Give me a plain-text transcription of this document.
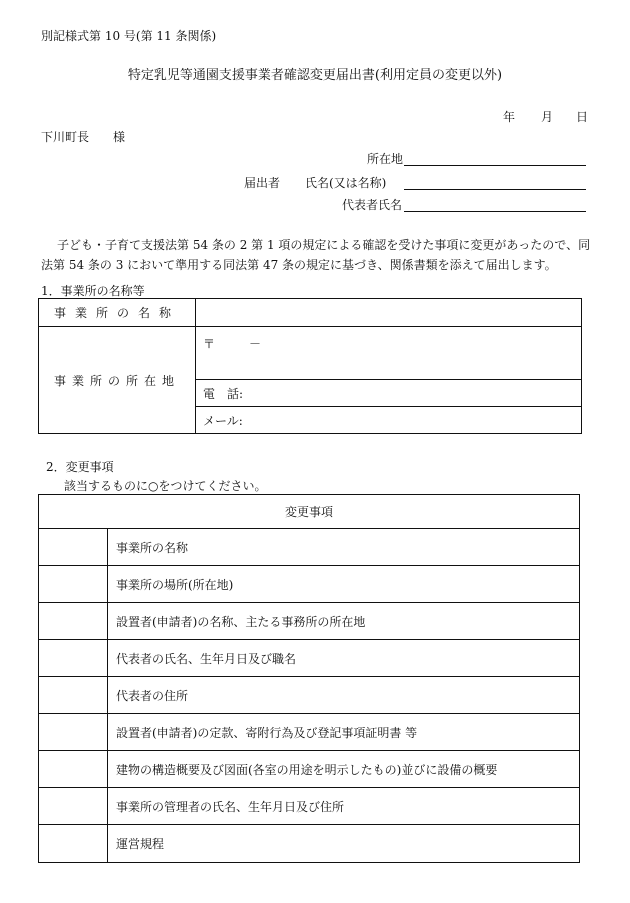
別記様式第 10 号(第 11 条関係)
特定乳児等通園支援事業者確認変更届出書(利用定員の変更以外)
年 月 日
下川町長　　様
所在地
届出者 氏名(又は名称)
代表者氏名
子ども・子育て支援法第 54 条の 2 第 1 項の規定による確認を受けた事項に変更があったので、同
法第 54 条の 3 において準用する同法第 47 条の規定に基づき、関係書類を添えて届出します。
1．事業所の名称等
事業所の名称	
事業所の所在地	〒 －
	電　話:
	メール:
2．変更事項
該当するものに○をつけてください。
変更事項	
	事業所の名称
	事業所の場所(所在地)
	設置者(申請者)の名称、主たる事務所の所在地
	代表者の氏名、生年月日及び職名
	代表者の住所
	設置者(申請者)の定款、寄附行為及び登記事項証明書 等
	建物の構造概要及び図面(各室の用途を明示したもの)並びに設備の概要
	事業所の管理者の氏名、生年月日及び住所
	運営規程
